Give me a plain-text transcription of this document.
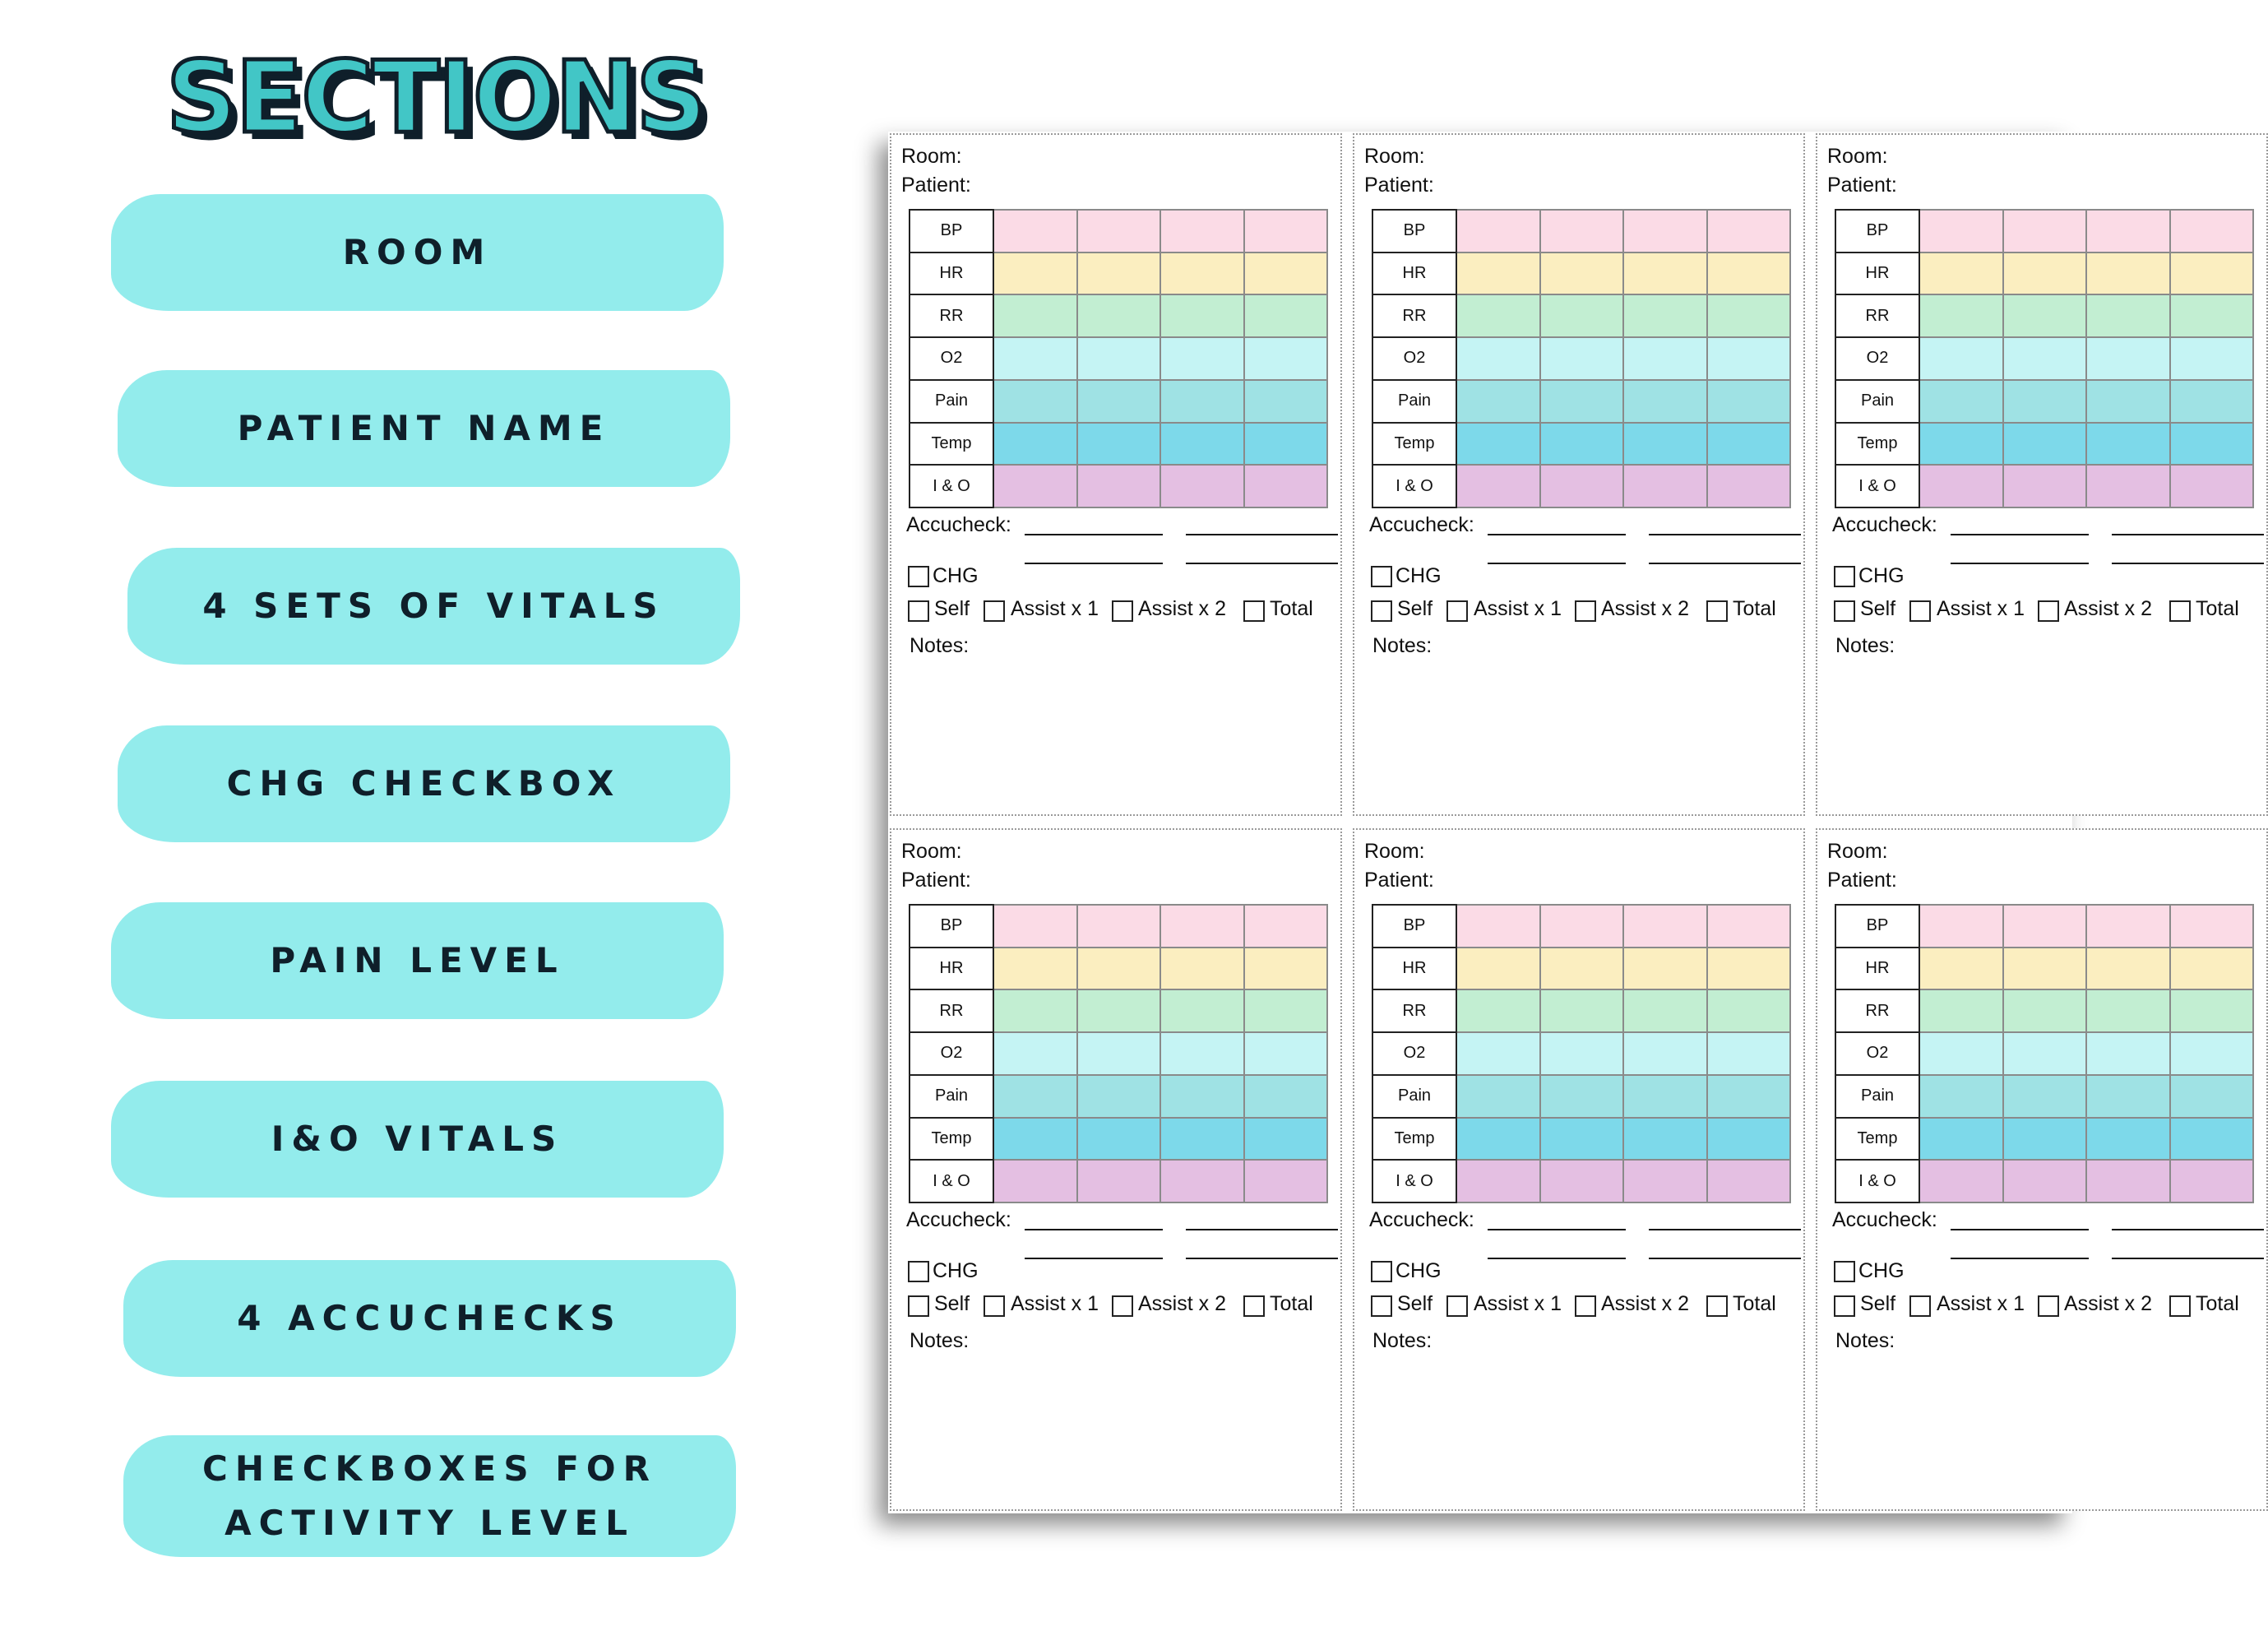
SECTIONS
ROOM
PATIENT NAME
4 SETS OF VITALS
CHG CHECKBOX
PAIN LEVEL
I&O VITALS
4 ACCUCHECKS
CHECKBOXES FOR ACTIVITY LEVEL
Room:
Patient:
BP				
HR				
RR				
O2				
Pain				
Temp				
I & O				
Accucheck:
CHG
Self Assist x 1 Assist x 2 Total
Notes:
Room:
Patient:
BP				
HR				
RR				
O2				
Pain				
Temp				
I & O				
Accucheck:
CHG
Self Assist x 1 Assist x 2 Total
Notes:
Room:
Patient:
BP				
HR				
RR				
O2				
Pain				
Temp				
I & O				
Accucheck:
CHG
Self Assist x 1 Assist x 2 Total
Notes:
Room:
Patient:
BP				
HR				
RR				
O2				
Pain				
Temp				
I & O				
Accucheck:
CHG
Self Assist x 1 Assist x 2 Total
Notes:
Room:
Patient:
BP				
HR				
RR				
O2				
Pain				
Temp				
I & O				
Accucheck:
CHG
Self Assist x 1 Assist x 2 Total
Notes:
Room:
Patient:
BP				
HR				
RR				
O2				
Pain				
Temp				
I & O				
Accucheck:
CHG
Self Assist x 1 Assist x 2 Total
Notes:
